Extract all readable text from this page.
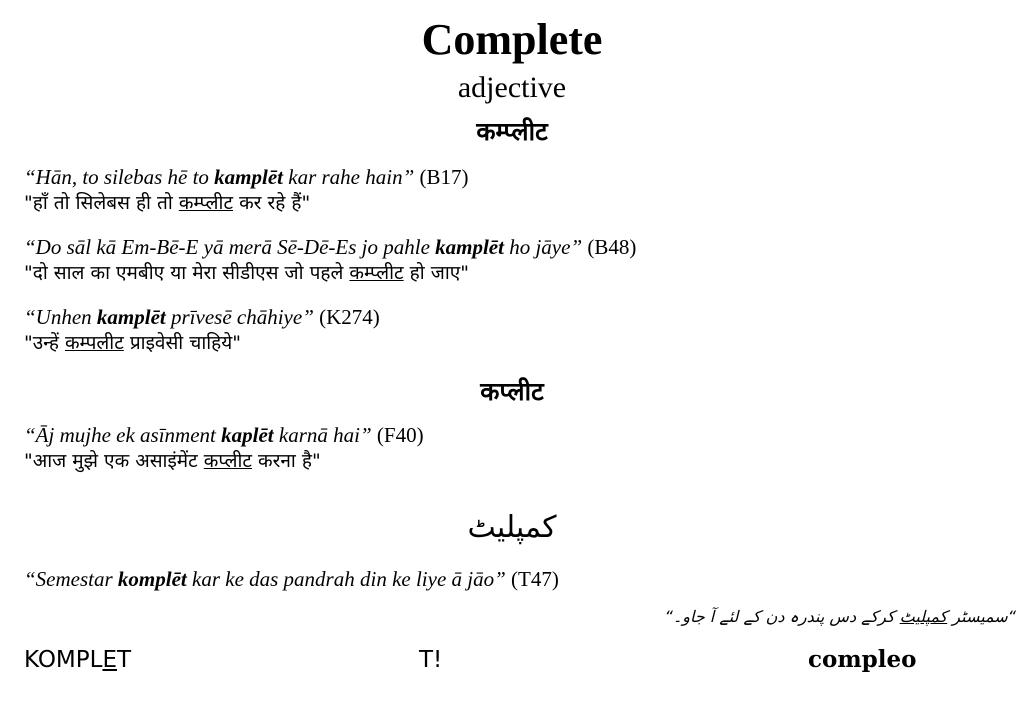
Complete
adjective
कम्प्लीट
“Hān, to silebas hē to kamplēt kar rahe hain” (B17)
"हाँ तो सिलेबस ही तो कम्प्लीट कर रहे हैं"
“Do sāl kā Em-Bē-E yā merā Sē-Dē-Es jo pahle kamplēt ho jāye” (B48)
"दो साल का एमबीए या मेरा सीडीएस जो पहले कम्प्लीट हो जाए"
“Unhen kamplēt prīvesē chāhiye” (K274)
"उन्हें कम्पलीट प्राइवेसी चाहिये"
कप्लीट
“Āj mujhe ek asīnment kaplēt karnā hai” (F40)
"आज मुझे एक असाइंमेंट कप्लीट करना है"
کمپلیٹ
“Semestar komplēt kar ke das pandrah din ke liye ā jāo” (T47)
“سمیسٹر کمپلیٹ کرکے دس پندرہ دن کے لئے آ جاو۔“
KOMPLET	T!	compleo
